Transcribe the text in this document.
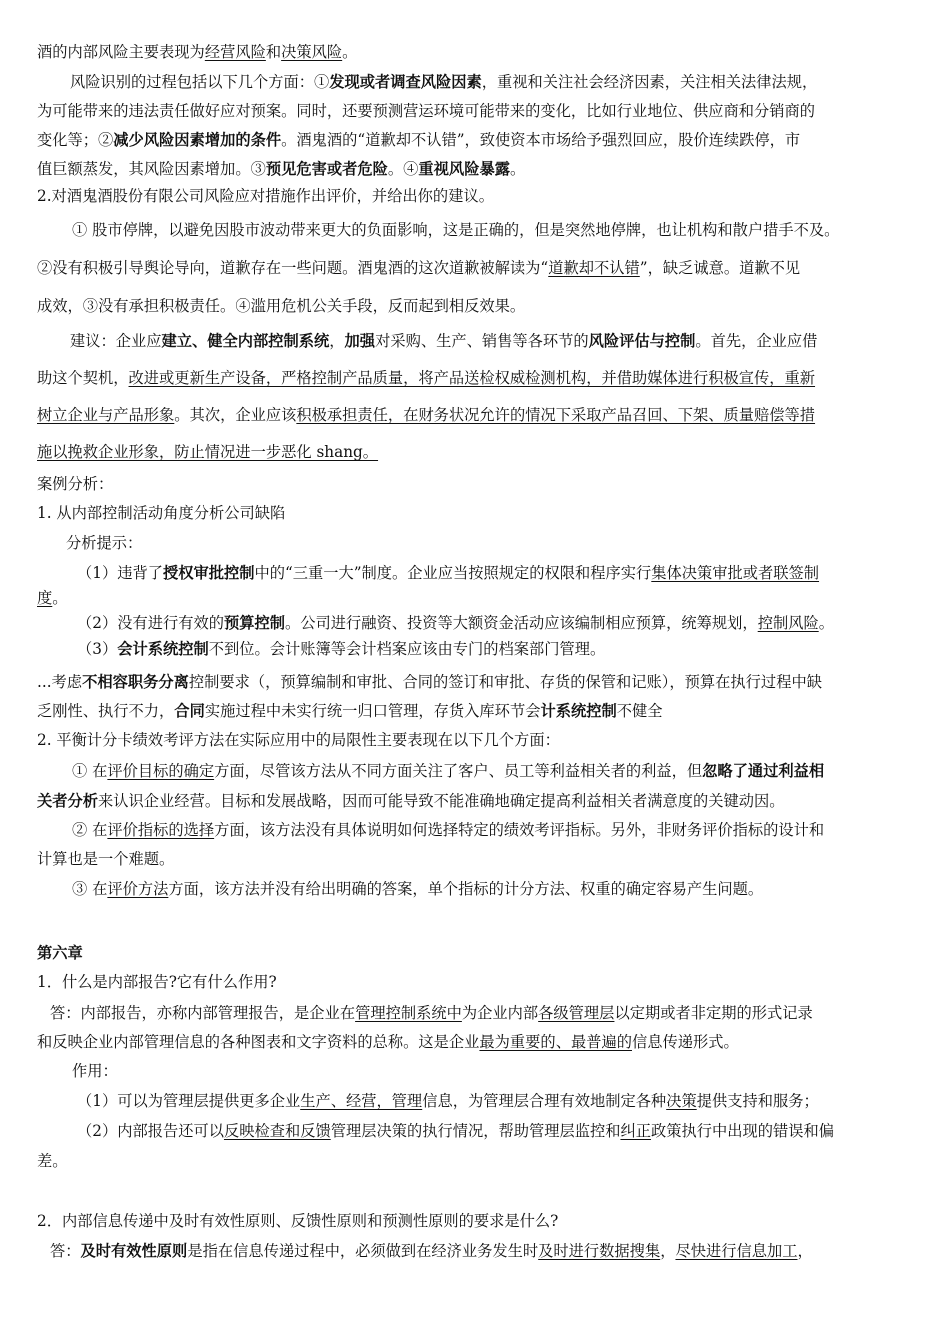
酒的内部风险主要表现为经营风险和决策风险。
风险识别的过程包括以下几个方面：①发现或者调查风险因素，重视和关注社会经济因素，关注相关法律法规，
为可能带来的违法责任做好应对预案。同时，还要预测营运环境可能带来的变化，比如行业地位、供应商和分销商的
变化等；②减少风险因素增加的条件。酒鬼酒的“道歉却不认错”，致使资本市场给予强烈回应，股价连续跌停，市
值巨额蒸发，其风险因素增加。③预见危害或者危险。④重视风险暴露。
2.对酒鬼酒股份有限公司风险应对措施作出评价，并给出你的建议。
① 股市停牌，以避免因股市波动带来更大的负面影响，这是正确的，但是突然地停牌，也让机构和散户措手不及。
②没有积极引导舆论导向，道歉存在一些问题。酒鬼酒的这次道歉被解读为“道歉却不认错”，缺乏诚意。道歉不见
成效，③没有承担积极责任。④滥用危机公关手段，反而起到相反效果。
建议：企业应建立、健全内部控制系统，加强对采购、生产、销售等各环节的风险评估与控制。首先，企业应借
助这个契机，改进或更新生产设备，严格控制产品质量，将产品送检权威检测机构，并借助媒体进行积极宣传，重新
树立企业与产品形象。其次，企业应该积极承担责任，在财务状况允许的情况下采取产品召回、下架、质量赔偿等措
施以挽救企业形象，防止情况进一步恶化 shang。
案例分析：
1. 从内部控制活动角度分析公司缺陷
分析提示：
（1）违背了授权审批控制中的“三重一大”制度。企业应当按照规定的权限和程序实行集体决策审批或者联签制
度。
（2）没有进行有效的预算控制。公司进行融资、投资等大额资金活动应该编制相应预算，统筹规划，控制风险。
（3）会计系统控制不到位。会计账簿等会计档案应该由专门的档案部门管理。
...考虑不相容职务分离控制要求（，预算编制和审批、合同的签订和审批、存货的保管和记账），预算在执行过程中缺
乏刚性、执行不力，合同实施过程中未实行统一归口管理，存货入库环节会计系统控制不健全
2. 平衡计分卡绩效考评方法在实际应用中的局限性主要表现在以下几个方面：
① 在评价目标的确定方面，尽管该方法从不同方面关注了客户、员工等利益相关者的利益，但忽略了通过利益相
关者分析来认识企业经营。目标和发展战略，因而可能导致不能准确地确定提高利益相关者满意度的关键动因。
② 在评价指标的选择方面，该方法没有具体说明如何选择特定的绩效考评指标。另外，非财务评价指标的设计和
计算也是一个难题。
③ 在评价方法方面，该方法并没有给出明确的答案，单个指标的计分方法、权重的确定容易产生问题。
第六章
1．什么是内部报告?它有什么作用?
答：内部报告，亦称内部管理报告，是企业在管理控制系统中为企业内部各级管理层以定期或者非定期的形式记录
和反映企业内部管理信息的各种图表和文字资料的总称。这是企业最为重要的、最普遍的信息传递形式。
作用：
（1）可以为管理层提供更多企业生产、经营，管理信息，为管理层合理有效地制定各种决策提供支持和服务；
（2）内部报告还可以反映检查和反馈管理层决策的执行情况，帮助管理层监控和纠正政策执行中出现的错误和偏
差。
2．内部信息传递中及时有效性原则、反馈性原则和预测性原则的要求是什么?
答：及时有效性原则是指在信息传递过程中，必须做到在经济业务发生时及时进行数据搜集，尽快进行信息加工，
